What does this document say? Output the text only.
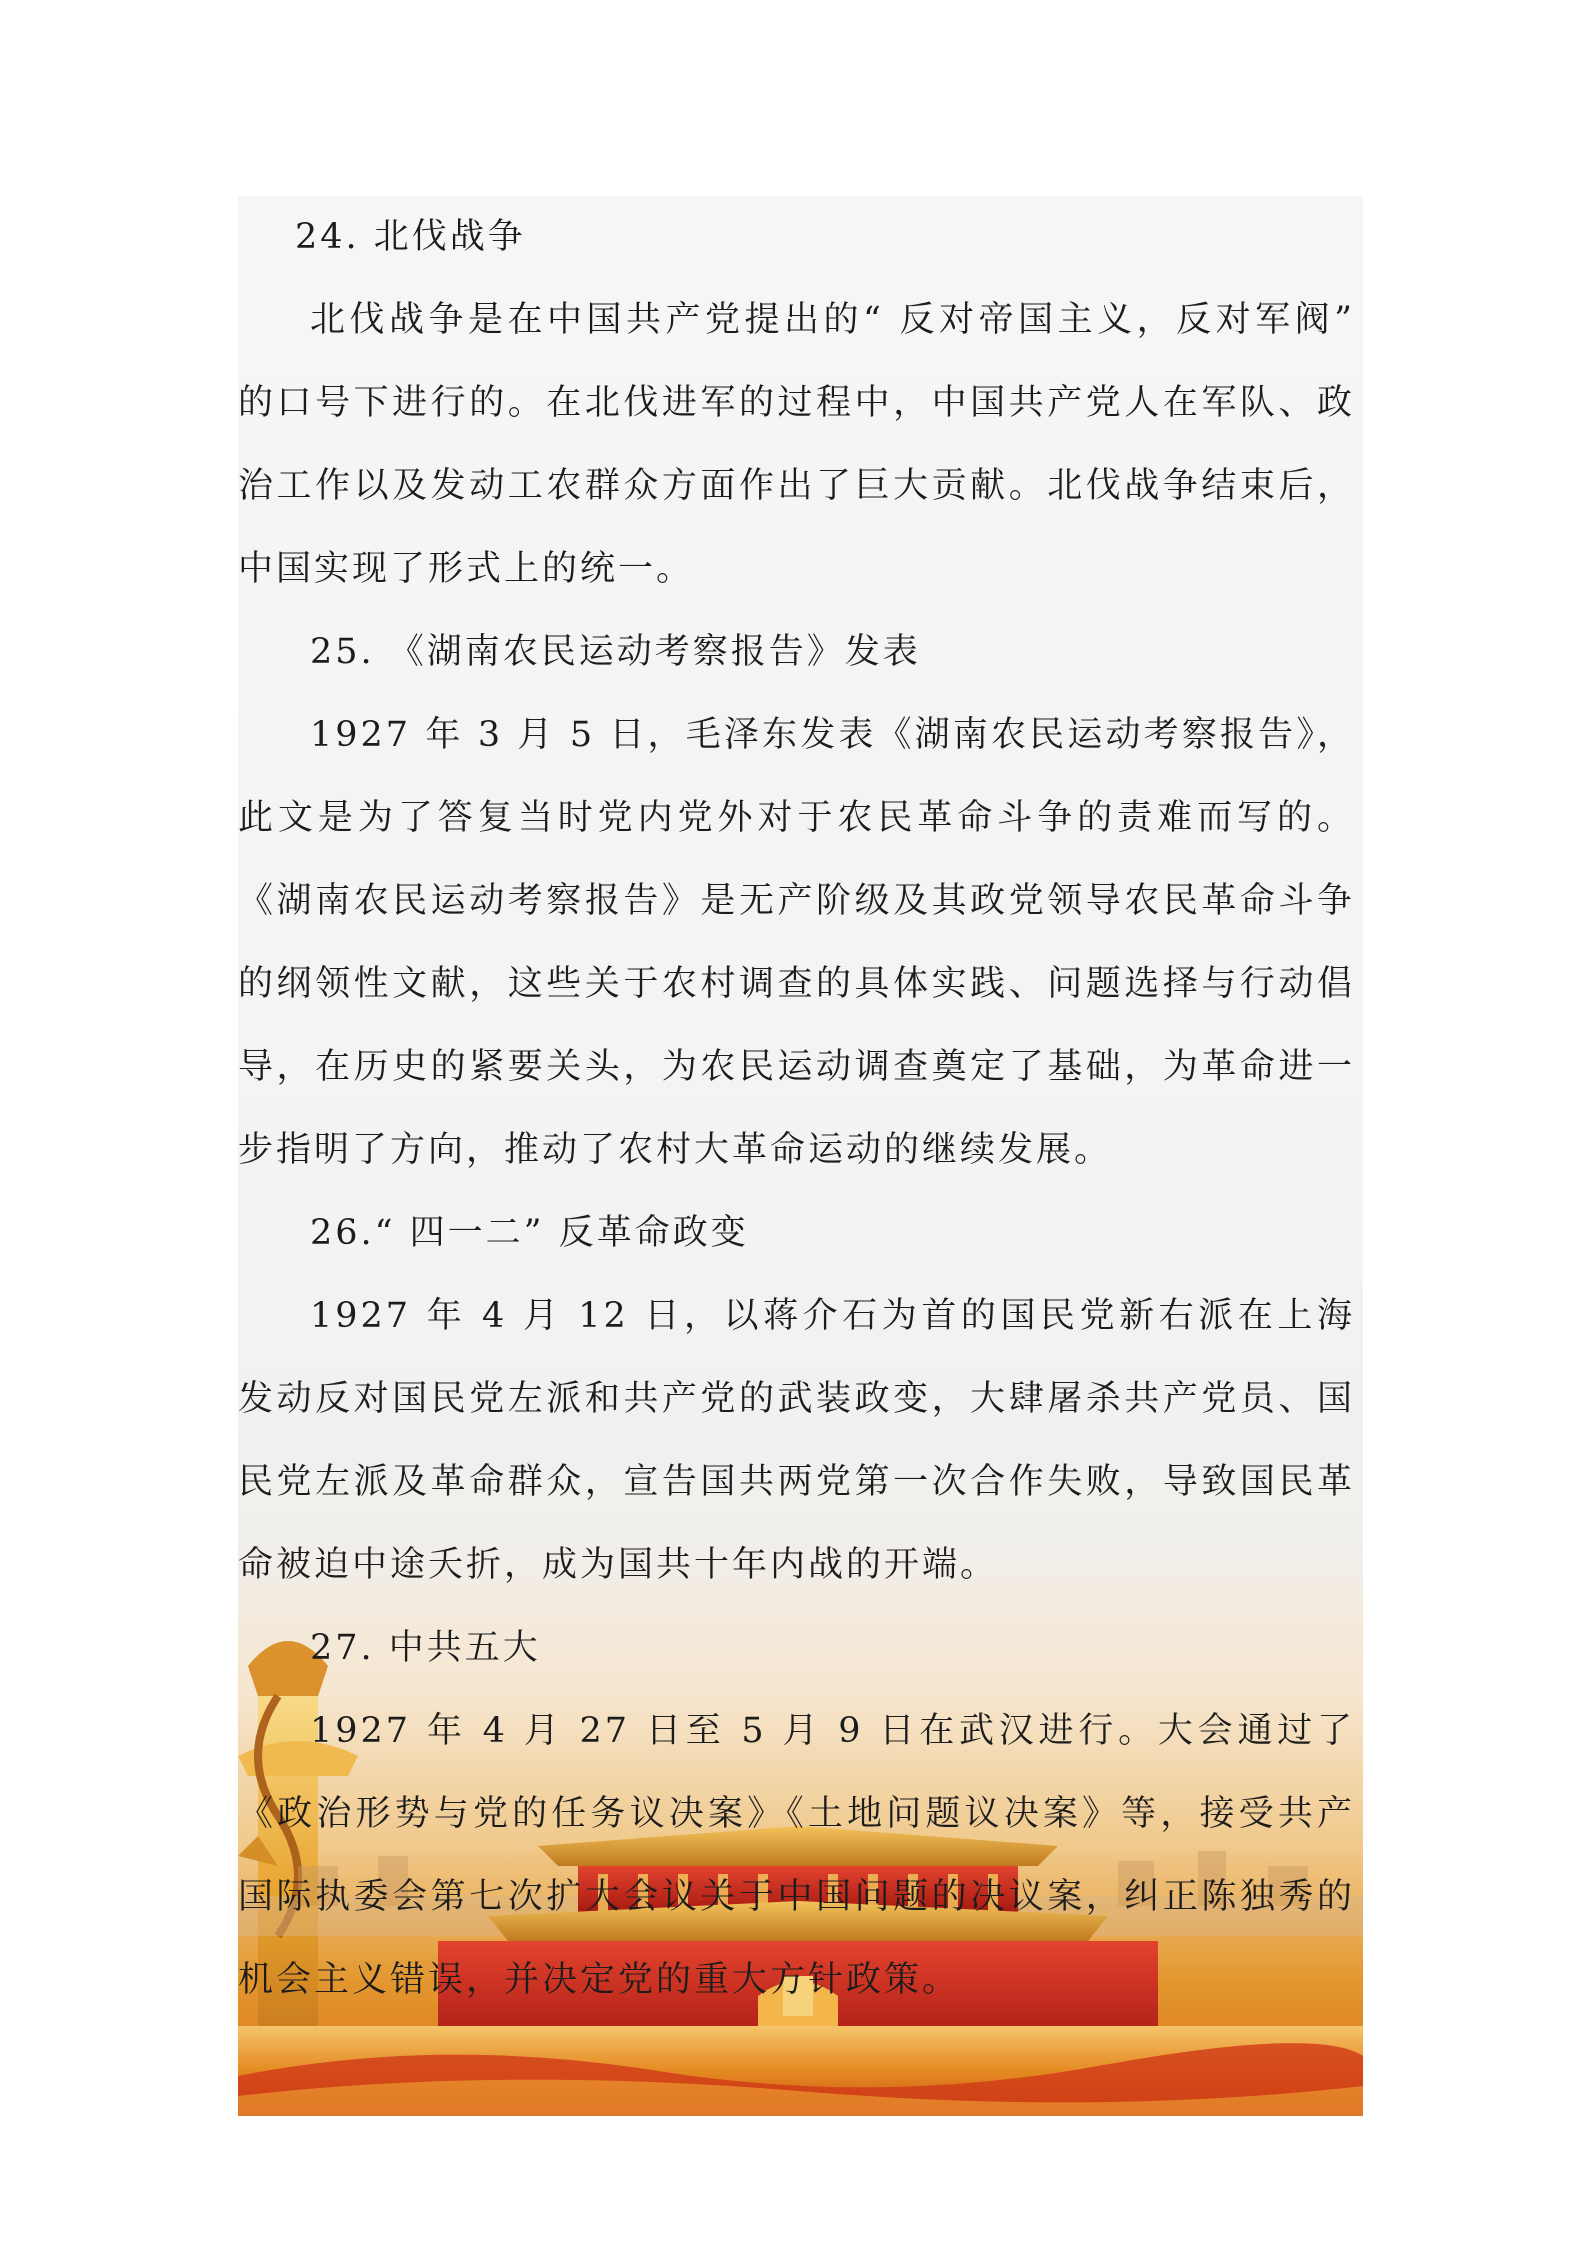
24. 北伐战争

北伐战争是在中国共产党提出的“ 反对帝国主义，反对军阀” 的口号下进行的。在北伐进军的过程中，中国共产党人在军队、政治工作以及发动工农群众方面作出了巨大贡献。北伐战争结束后，中国实现了形式上的统一。

25. 《湖南农民运动考察报告》发表

1927 年 3 月 5 日，毛泽东发表《湖南农民运动考察报告》，此文是为了答复当时党内党外对于农民革命斗争的责难而写的。《湖南农民运动考察报告》是无产阶级及其政党领导农民革命斗争的纲领性文献，这些关于农村调查的具体实践、问题选择与行动倡导，在历史的紧要关头，为农民运动调查奠定了基础，为革命进一步指明了方向，推动了农村大革命运动的继续发展。

26.“ 四一二” 反革命政变

1927 年 4 月 12 日，以蒋介石为首的国民党新右派在上海发动反对国民党左派和共产党的武装政变，大肆屠杀共产党员、国民党左派及革命群众，宣告国共两党第一次合作失败，导致国民革命被迫中途夭折，成为国共十年内战的开端。

27. 中共五大

1927 年 4 月 27 日至 5 月 9 日在武汉进行。大会通过了《政治形势与党的任务议决案》《土地问题议决案》等，接受共产国际执委会第七次扩大会议关于中国问题的决议案，纠正陈独秀的机会主义错误，并决定党的重大方针政策。
